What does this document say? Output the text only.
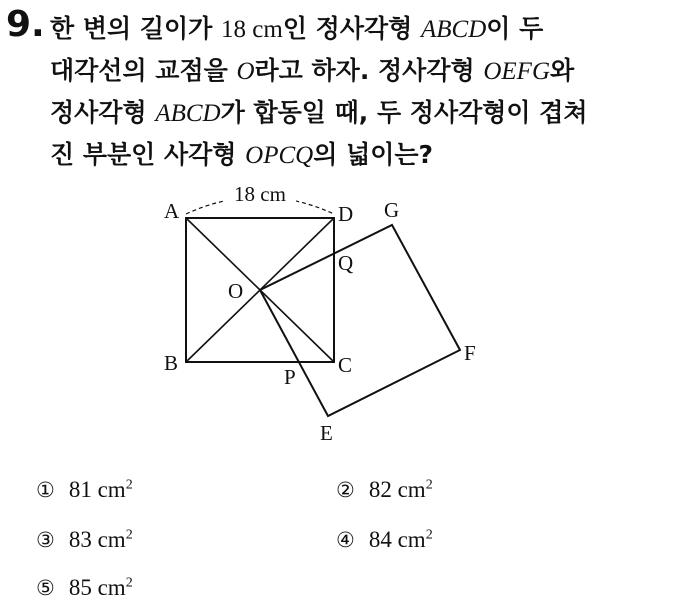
9. 한 변의 길이가 18 cm인 정사각형 ABCD이 두
대각선의 교점을 O라고 하자. 정사각형 OEFG와
정사각형 ABCD가 합동일 때, 두 정사각형이 겹쳐
진 부분인 사각형 OPCQ의 넓이는?
18 cm
A	D G
Q
O
B	C
P
F
E
① 81 $cm^2$	② 82 $cm^2$
③ 83 $cm^2$	④ 84 $cm^2$
⑤ 85 $cm^2$
